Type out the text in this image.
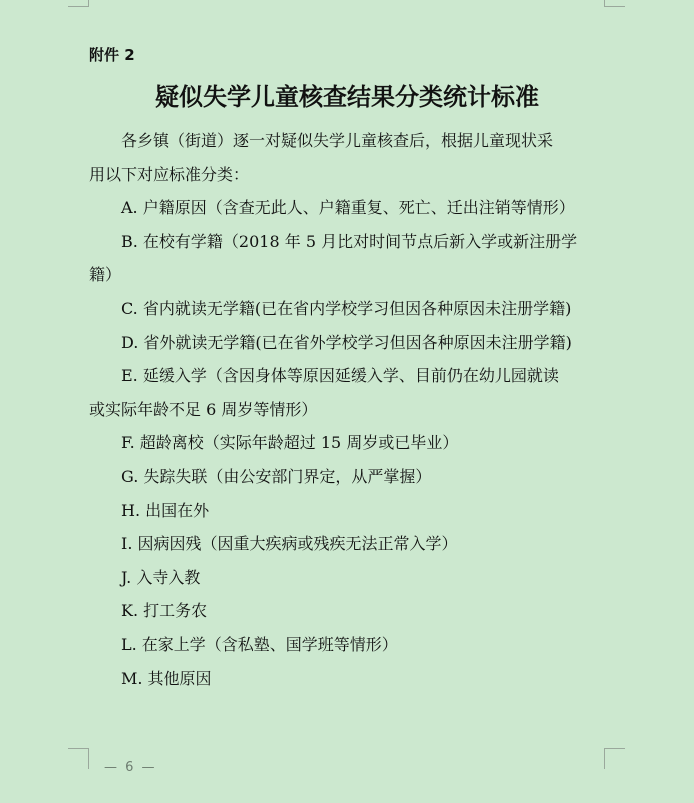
附件 2
疑似失学儿童核查结果分类统计标准

各乡镇（街道）逐一对疑似失学儿童核查后，根据儿童现状采

用以下对应标准分类：

A. 户籍原因（含查无此人、户籍重复、死亡、迁出注销等情形）

B. 在校有学籍（2018 年 5 月比对时间节点后新入学或新注册学

籍）

C. 省内就读无学籍(已在省内学校学习但因各种原因未注册学籍)

D. 省外就读无学籍(已在省外学校学习但因各种原因未注册学籍)

E. 延缓入学（含因身体等原因延缓入学、目前仍在幼儿园就读

或实际年龄不足 6 周岁等情形）

F. 超龄离校（实际年龄超过 15 周岁或已毕业）

G. 失踪失联（由公安部门界定，从严掌握）

H. 出国在外

I. 因病因残（因重大疾病或残疾无法正常入学）

J. 入寺入教

K. 打工务农

L. 在家上学（含私塾、国学班等情形）

M. 其他原因

— 6 —
